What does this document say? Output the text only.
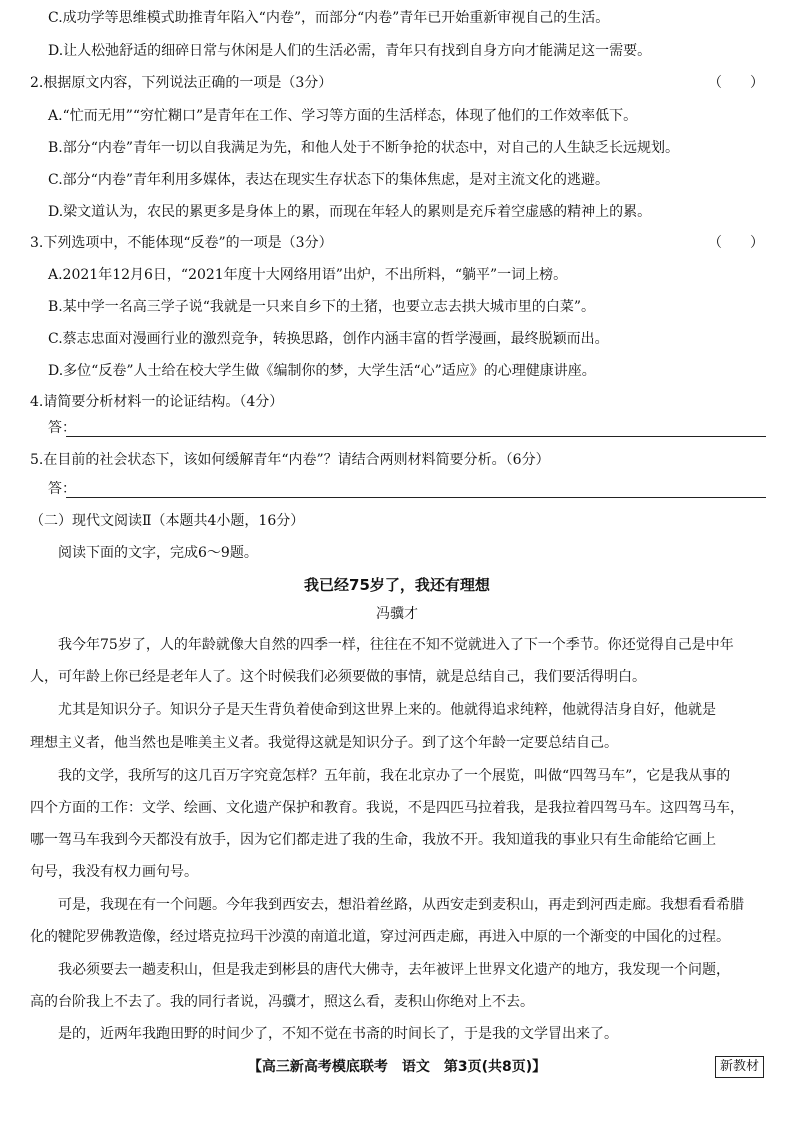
C.成功学等思维模式助推青年陷入“内卷”，而部分“内卷”青年已开始重新审视自己的生活。
D.让人松弛舒适的细碎日常与休闲是人们的生活必需，青年只有找到自身方向才能满足这一需要。
2.根据原文内容，下列说法正确的一项是（3分）	（　　）
A.“忙而无用”“穷忙糊口”是青年在工作、学习等方面的生活样态，体现了他们的工作效率低下。
B.部分“内卷”青年一切以自我满足为先，和他人处于不断争抢的状态中，对自己的人生缺乏长远规划。
C.部分“内卷”青年利用多媒体，表达在现实生存状态下的集体焦虑，是对主流文化的逃避。
D.梁文道认为，农民的累更多是身体上的累，而现在年轻人的累则是充斥着空虚感的精神上的累。
3.下列选项中，不能体现“反卷”的一项是（3分）	（　　）
A.2021年12月6日，“2021年度十大网络用语”出炉，不出所料，“躺平”一词上榜。
B.某中学一名高三学子说“我就是一只来自乡下的土猪，也要立志去拱大城市里的白菜”。
C.蔡志忠面对漫画行业的激烈竞争，转换思路，创作内涵丰富的哲学漫画，最终脱颖而出。
D.多位“反卷”人士给在校大学生做《编制你的梦，大学生活“心”适应》的心理健康讲座。
4.请简要分析材料一的论证结构。（4分）
答：
5.在目前的社会状态下，该如何缓解青年“内卷”？请结合两则材料简要分析。（6分）
答：
（二）现代文阅读Ⅱ（本题共4小题，16分）
阅读下面的文字，完成6～9题。
我已经75岁了，我还有理想
冯骥才
我今年75岁了，人的年龄就像大自然的四季一样，往往在不知不觉就进入了下一个季节。你还觉得自己是中年
人，可年龄上你已经是老年人了。这个时候我们必须要做的事情，就是总结自己，我们要活得明白。
尤其是知识分子。知识分子是天生背负着使命到这世界上来的。他就得追求纯粹，他就得洁身自好，他就是
理想主义者，他当然也是唯美主义者。我觉得这就是知识分子。到了这个年龄一定要总结自己。
我的文学，我所写的这几百万字究竟怎样？五年前，我在北京办了一个展览，叫做“四驾马车”，它是我从事的
四个方面的工作：文学、绘画、文化遗产保护和教育。我说，不是四匹马拉着我，是我拉着四驾马车。这四驾马车，
哪一驾马车我到今天都没有放手，因为它们都走进了我的生命，我放不开。我知道我的事业只有生命能给它画上
句号，我没有权力画句号。
可是，我现在有一个问题。今年我到西安去，想沿着丝路，从西安走到麦积山，再走到河西走廊。我想看看希腊
化的犍陀罗佛教造像，经过塔克拉玛干沙漠的南道北道，穿过河西走廊，再进入中原的一个渐变的中国化的过程。
我必须要去一趟麦积山，但是我走到彬县的唐代大佛寺，去年被评上世界文化遗产的地方，我发现一个问题，
高的台阶我上不去了。我的同行者说，冯骥才，照这么看，麦积山你绝对上不去。
是的，近两年我跑田野的时间少了，不知不觉在书斋的时间长了，于是我的文学冒出来了。
【高三新高考模底联考　语文　第3页(共8页)】	新教材
